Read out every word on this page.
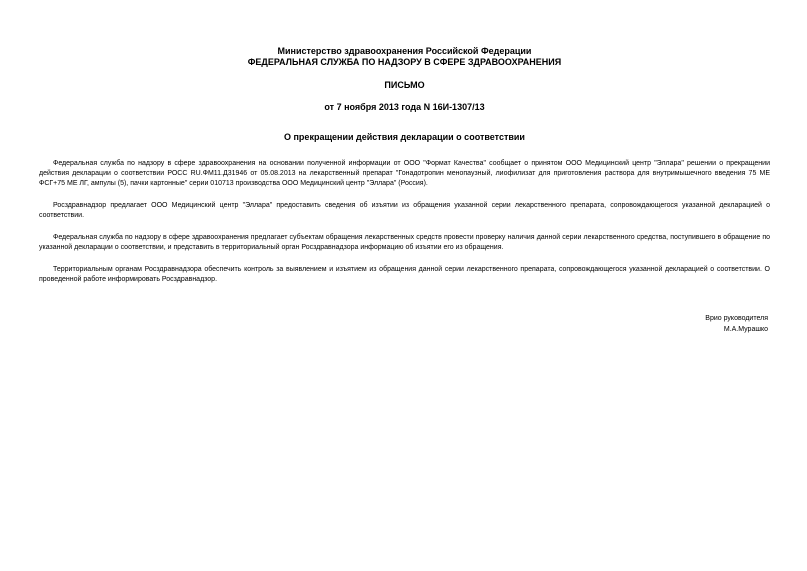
Министерство здравоохранения Российской Федерации
ФЕДЕРАЛЬНАЯ СЛУЖБА ПО НАДЗОРУ В СФЕРЕ ЗДРАВООХРАНЕНИЯ
ПИСЬМО
от 7 ноября 2013 года N 16И-1307/13
О прекращении действия декларации о соответствии

Федеральная служба по надзору в сфере здравоохранения на основании полученной информации от ООО "Формат Качества" сообщает о принятом ООО Медицинский центр "Эллара" решении о прекращении действия декларации о соответствии РОСС RU.ФМ11.Д31946 от 05.08.2013 на лекарственный препарат "Гонадотропин менопаузный, лиофилизат для приготовления раствора для внутримышечного введения 75 МЕ ФСГ+75 МЕ ЛГ, ампулы (5), пачки картонные" серии 010713 производства ООО Медицинский центр "Эллара" (Россия).

Росздравнадзор предлагает ООО Медицинский центр "Эллара" предоставить сведения об изъятии из обращения указанной серии лекарственного препарата, сопровождающегося указанной декларацией о соответствии.

Федеральная служба по надзору в сфере здравоохранения предлагает субъектам обращения лекарственных средств провести проверку наличия данной серии лекарственного средства, поступившего в обращение по указанной декларации о соответствии, и представить в территориальный орган Росздравнадзора информацию об изъятии его из обращения.

Территориальным органам Росздравнадзора обеспечить контроль за выявлением и изъятием из обращения данной серии лекарственного препарата, сопровождающегося указанной декларацией о соответствии. О проведенной работе информировать Росздравнадзор.

Врио руководителя
М.А.Мурашко
